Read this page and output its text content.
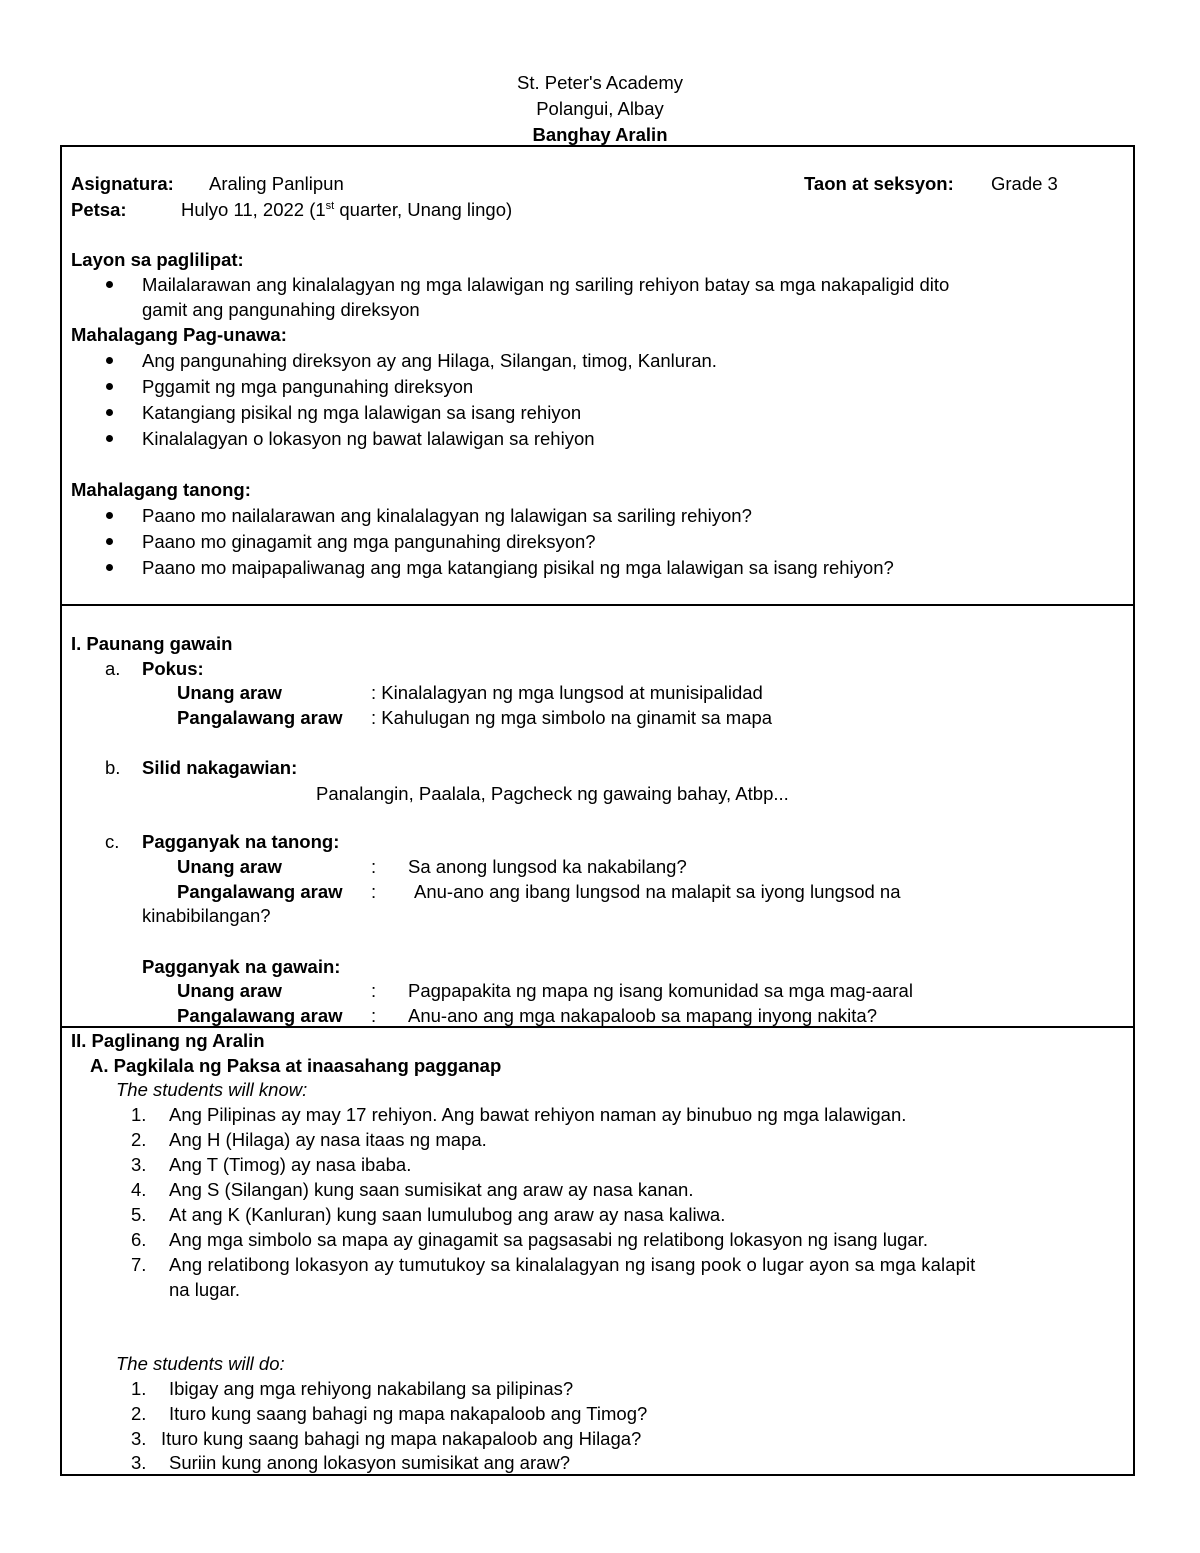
St. Peter's Academy
Polangui, Albay
Banghay Aralin
Asignatura: Araling Panlipun	Taon at seksyon: Grade 3
Petsa:	Hulyo 11, 2022 (1st quarter, Unang lingo)
Layon sa paglilipat:
Mailalarawan ang kinalalagyan ng mga lalawigan ng sariling rehiyon batay sa mga nakapaligid dito
gamit ang pangunahing direksyon
Mahalagang Pag-unawa:
Ang pangunahing direksyon ay ang Hilaga, Silangan, timog, Kanluran.
Pggamit ng mga pangunahing direksyon
Katangiang pisikal ng mga lalawigan sa isang rehiyon
Kinalalagyan o lokasyon ng bawat lalawigan sa rehiyon
Mahalagang tanong:
Paano mo nailalarawan ang kinalalagyan ng lalawigan sa sariling rehiyon?
Paano mo ginagamit ang mga pangunahing direksyon?
Paano mo maipapaliwanag ang mga katangiang pisikal ng mga lalawigan sa isang rehiyon?
I. Paunang gawain
a. Pokus:
Unang araw	: Kinalalagyan ng mga lungsod at munisipalidad
Pangalawang araw : Kahulugan ng mga simbolo na ginamit sa mapa
b. Silid nakagawian:
Panalangin, Paalala, Pagcheck ng gawaing bahay, Atbp...
c. Pagganyak na tanong:
Unang araw	: Sa anong lungsod ka nakabilang?
Pangalawang araw : Anu-ano ang ibang lungsod na malapit sa iyong lungsod na
kinabibilangan?
Pagganyak na gawain:
Unang araw	: Pagpapakita ng mapa ng isang komunidad sa mga mag-aaral
Pangalawang araw : Anu-ano ang mga nakapaloob sa mapang inyong nakita?
II. Paglinang ng Aralin
A. Pagkilala ng Paksa at inaasahang pagganap
The students will know:
1. Ang Pilipinas ay may 17 rehiyon. Ang bawat rehiyon naman ay binubuo ng mga lalawigan.
2. Ang H (Hilaga) ay nasa itaas ng mapa.
3. Ang T (Timog) ay nasa ibaba.
4. Ang S (Silangan) kung saan sumisikat ang araw ay nasa kanan.
5. At ang K (Kanluran) kung saan lumulubog ang araw ay nasa kaliwa.
6. Ang mga simbolo sa mapa ay ginagamit sa pagsasabi ng relatibong lokasyon ng isang lugar.
7. Ang relatibong lokasyon ay tumutukoy sa kinalalagyan ng isang pook o lugar ayon sa mga kalapit
na lugar.
The students will do:
1. Ibigay ang mga rehiyong nakabilang sa pilipinas?
2. Ituro kung saang bahagi ng mapa nakapaloob ang Timog?
3. Ituro kung saang bahagi ng mapa nakapaloob ang Hilaga?
3. Suriin kung anong lokasyon sumisikat ang araw?
